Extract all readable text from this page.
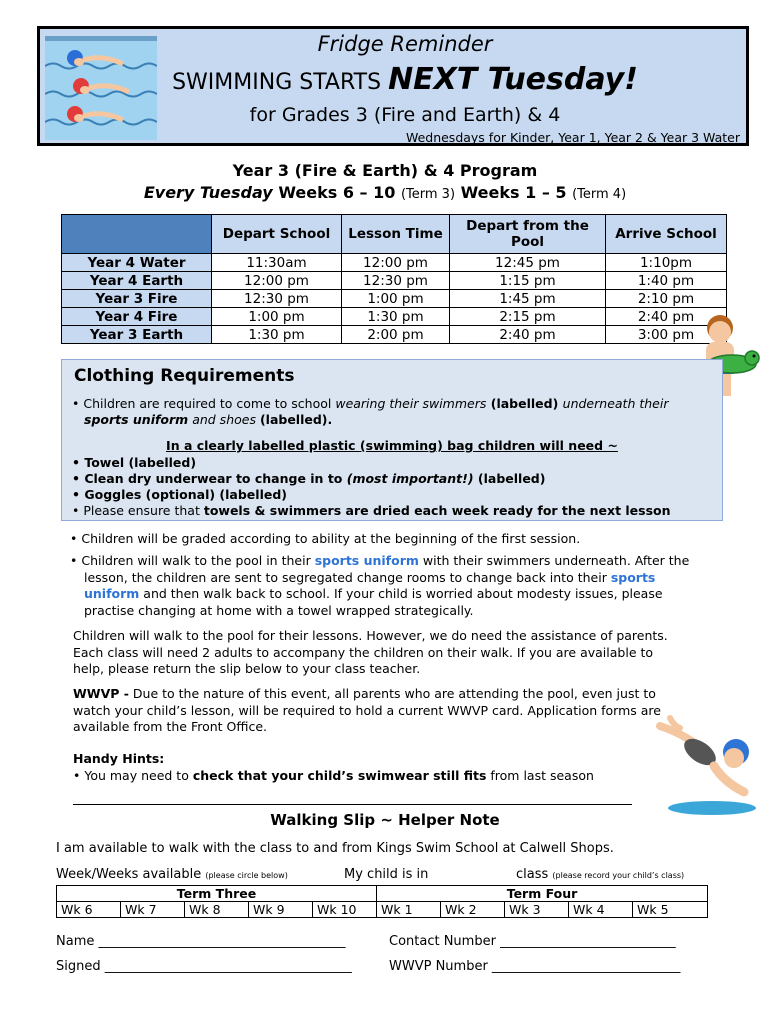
Fridge Reminder
SWIMMING STARTS NEXT Tuesday!
for Grades 3 (Fire and Earth) & 4
Wednesdays for Kinder, Year 1, Year 2 & Year 3 Water
Year 3 (Fire & Earth) & 4 Program
Every Tuesday Weeks 6 – 10 (Term 3) Weeks 1 – 5 (Term 4)
	Depart School	Lesson Time	Depart from the Pool	Arrive School
Year 4 Water	11:30am	12:00 pm	12:45 pm	1:10pm
Year 4 Earth	12:00 pm	12:30 pm	1:15 pm	1:40 pm
Year 3 Fire	12:30 pm	1:00 pm	1:45 pm	2:10 pm
Year 4 Fire	1:00 pm	1:30 pm	2:15 pm	2:40 pm
Year 3 Earth	1:30 pm	2:00 pm	2:40 pm	3:00 pm
Clothing Requirements
• Children are required to come to school wearing their swimmers (labelled) underneath their
sports uniform and shoes (labelled).
In a clearly labelled plastic (swimming) bag children will need ~
• Towel (labelled)
• Clean dry underwear to change in to (most important!) (labelled)
• Goggles (optional) (labelled)
• Please ensure that towels & swimmers are dried each week ready for the next lesson
• Children will be graded according to ability at the beginning of the first session.
• Children will walk to the pool in their sports uniform with their swimmers underneath. After the
lesson, the children are sent to segregated change rooms to change back into their sports
uniform and then walk back to school. If your child is worried about modesty issues, please
practise changing at home with a towel wrapped strategically.
Children will walk to the pool for their lessons. However, we do need the assistance of parents.
Each class will need 2 adults to accompany the children on their walk. If you are available to
help, please return the slip below to your class teacher.
WWVP - Due to the nature of this event, all parents who are attending the pool, even just to
watch your child’s lesson, will be required to hold a current WWVP card. Application forms are
available from the Front Office.
Handy Hints:
• You may need to check that your child’s swimwear still fits from last season
Walking Slip ~ Helper Note
I am available to walk with the class to and from Kings Swim School at Calwell Shops.
Week/Weeks available (please circle below)	My child is in	class (please record your child’s class)
Term Three					Term Four				
Wk 6	Wk 7	Wk 8	Wk 9	Wk 10	Wk 1	Wk 2	Wk 3	Wk 4	Wk 5
Name ______________________________________	Contact Number ___________________________
Signed ______________________________________	WWVP Number _____________________________
